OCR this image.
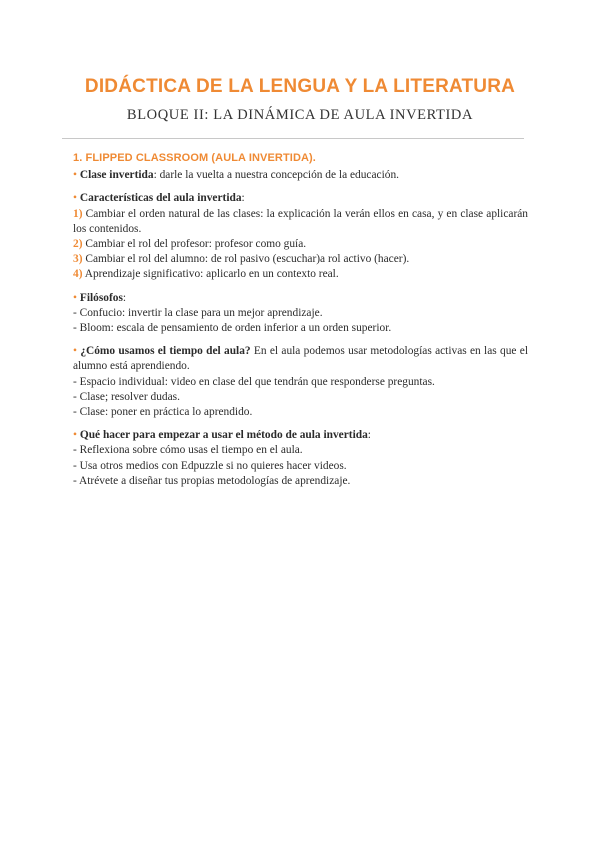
DIDÁCTICA DE LA LENGUA Y LA LITERATURA
BLOQUE II: LA DINÁMICA DE AULA INVERTIDA
1. FLIPPED CLASSROOM (AULA INVERTIDA).

• Clase invertida: darle la vuelta a nuestra concepción de la educación.

• Características del aula invertida:

1) Cambiar el orden natural de las clases: la explicación la verán ellos en casa, y en clase aplicarán los contenidos.

2) Cambiar el rol del profesor: profesor como guía.

3) Cambiar el rol del alumno: de rol pasivo (escuchar)a rol activo (hacer).

4) Aprendizaje significativo: aplicarlo en un contexto real.

• Filósofos:

- Confucio: invertir la clase para un mejor aprendizaje.

- Bloom: escala de pensamiento de orden inferior a un orden superior.

• ¿Cómo usamos el tiempo del aula? En el aula podemos usar metodologías activas en las que el alumno está aprendiendo.

- Espacio individual: video en clase del que tendrán que responderse preguntas.

- Clase; resolver dudas.

- Clase: poner en práctica lo aprendido.

• Qué hacer para empezar a usar el método de aula invertida:

- Reflexiona sobre cómo usas el tiempo en el aula.

- Usa otros medios con Edpuzzle si no quieres hacer videos.

- Atrévete a diseñar tus propias metodologías de aprendizaje.
